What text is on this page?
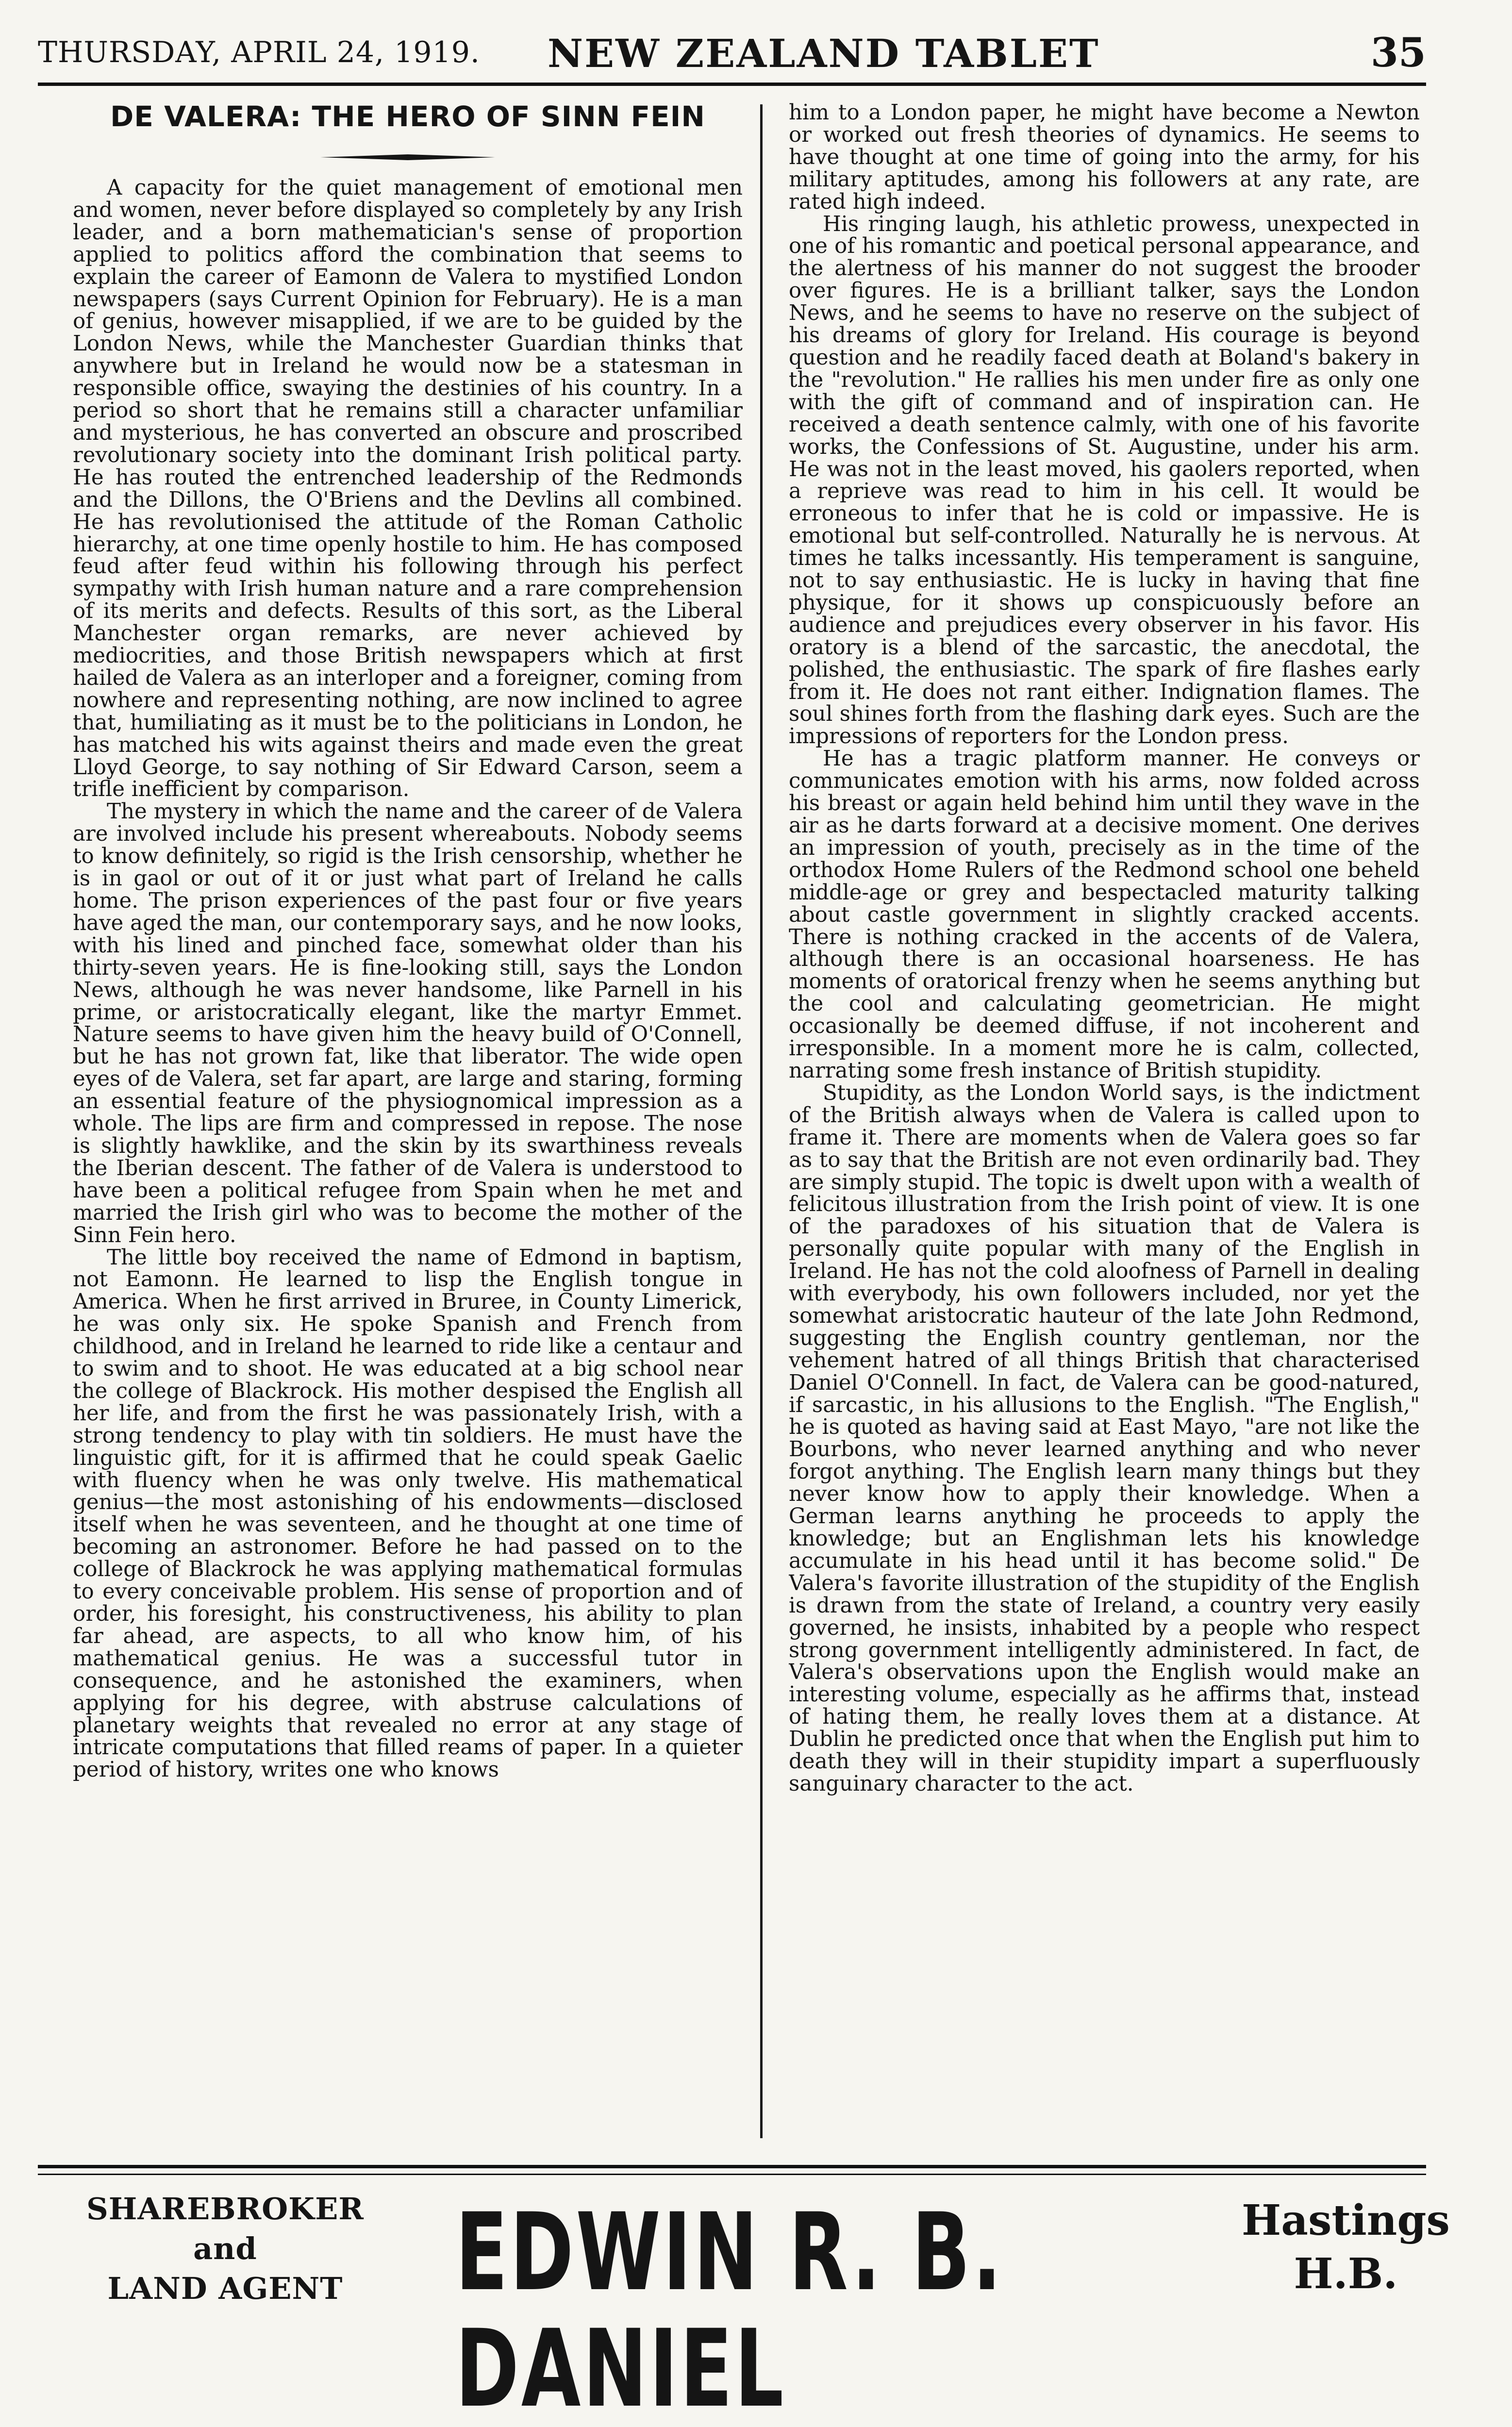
THURSDAY, APRIL 24, 1919. NEW ZEALAND TABLET	35
DE VALERA: THE HERO OF SINN FEIN

A capacity for the quiet management of emotional men and women, never before displayed so completely by any Irish leader, and a born mathematician's sense of proportion applied to politics afford the combination that seems to explain the career of Eamonn de Valera to mystified London newspapers (says Current Opinion for February). He is a man of genius, however misapplied, if we are to be guided by the London News, while the Manchester Guardian thinks that anywhere but in Ireland he would now be a statesman in responsible office, swaying the destinies of his country. In a period so short that he remains still a character unfamiliar and mysterious, he has converted an obscure and proscribed revolutionary society into the dominant Irish political party. He has routed the entrenched leadership of the Redmonds and the Dillons, the O'Briens and the Devlins all combined. He has revolutionised the attitude of the Roman Catholic hierarchy, at one time openly hostile to him. He has composed feud after feud within his following through his perfect sympathy with Irish human nature and a rare comprehension of its merits and defects. Results of this sort, as the Liberal Manchester organ remarks, are never achieved by mediocrities, and those British newspapers which at first hailed de Valera as an interloper and a foreigner, coming from nowhere and representing nothing, are now inclined to agree that, humiliating as it must be to the politicians in London, he has matched his wits against theirs and made even the great Lloyd George, to say nothing of Sir Edward Carson, seem a trifle inefficient by comparison.

The mystery in which the name and the career of de Valera are involved include his present whereabouts. Nobody seems to know definitely, so rigid is the Irish censorship, whether he is in gaol or out of it or just what part of Ireland he calls home. The prison experiences of the past four or five years have aged the man, our contemporary says, and he now looks, with his lined and pinched face, somewhat older than his thirty-seven years. He is fine-looking still, says the London News, although he was never handsome, like Parnell in his prime, or aristocratically elegant, like the martyr Emmet. Nature seems to have given him the heavy build of O'Connell, but he has not grown fat, like that liberator. The wide open eyes of de Valera, set far apart, are large and staring, forming an essential feature of the physiognomical impression as a whole. The lips are firm and compressed in repose. The nose is slightly hawklike, and the skin by its swarthiness reveals the Iberian descent. The father of de Valera is understood to have been a political refugee from Spain when he met and married the Irish girl who was to become the mother of the Sinn Fein hero.

The little boy received the name of Edmond in baptism, not Eamonn. He learned to lisp the English tongue in America. When he first arrived in Bruree, in County Limerick, he was only six. He spoke Spanish and French from childhood, and in Ireland he learned to ride like a centaur and to swim and to shoot. He was educated at a big school near the college of Blackrock. His mother despised the English all her life, and from the first he was passionately Irish, with a strong tendency to play with tin soldiers. He must have the linguistic gift, for it is affirmed that he could speak Gaelic with fluency when he was only twelve. His mathematical genius—the most astonishing of his endowments—disclosed itself when he was seventeen, and he thought at one time of becoming an astronomer. Before he had passed on to the college of Blackrock he was applying mathematical formulas to every conceivable problem. His sense of proportion and of order, his foresight, his constructiveness, his ability to plan far ahead, are aspects, to all who know him, of his mathematical genius. He was a successful tutor in consequence, and he astonished the examiners, when applying for his degree, with abstruse calculations of planetary weights that revealed no error at any stage of intricate computations that filled reams of paper. In a quieter period of history, writes one who knows

him to a London paper, he might have become a Newton or worked out fresh theories of dynamics. He seems to have thought at one time of going into the army, for his military aptitudes, among his followers at any rate, are rated high indeed.

His ringing laugh, his athletic prowess, unexpected in one of his romantic and poetical personal appearance, and the alertness of his manner do not suggest the brooder over figures. He is a brilliant talker, says the London News, and he seems to have no reserve on the subject of his dreams of glory for Ireland. His courage is beyond question and he readily faced death at Boland's bakery in the "revolution." He rallies his men under fire as only one with the gift of command and of inspiration can. He received a death sentence calmly, with one of his favorite works, the Confessions of St. Augustine, under his arm. He was not in the least moved, his gaolers reported, when a reprieve was read to him in his cell. It would be erroneous to infer that he is cold or impassive. He is emotional but self-controlled. Naturally he is nervous. At times he talks incessantly. His temperament is sanguine, not to say enthusiastic. He is lucky in having that fine physique, for it shows up conspicuously before an audience and prejudices every observer in his favor. His oratory is a blend of the sarcastic, the anecdotal, the polished, the enthusiastic. The spark of fire flashes early from it. He does not rant either. Indignation flames. The soul shines forth from the flashing dark eyes. Such are the impressions of reporters for the London press.

He has a tragic platform manner. He conveys or communicates emotion with his arms, now folded across his breast or again held behind him until they wave in the air as he darts forward at a decisive moment. One derives an impression of youth, precisely as in the time of the orthodox Home Rulers of the Redmond school one beheld middle-age or grey and bespectacled maturity talking about castle government in slightly cracked accents. There is nothing cracked in the accents of de Valera, although there is an occasional hoarseness. He has moments of oratorical frenzy when he seems anything but the cool and calculating geometrician. He might occasionally be deemed diffuse, if not incoherent and irresponsible. In a moment more he is calm, collected, narrating some fresh instance of British stupidity.

Stupidity, as the London World says, is the indictment of the British always when de Valera is called upon to frame it. There are moments when de Valera goes so far as to say that the British are not even ordinarily bad. They are simply stupid. The topic is dwelt upon with a wealth of felicitous illustration from the Irish point of view. It is one of the paradoxes of his situation that de Valera is personally quite popular with many of the English in Ireland. He has not the cold aloofness of Parnell in dealing with everybody, his own followers included, nor yet the somewhat aristocratic hauteur of the late John Redmond, suggesting the English country gentleman, nor the vehement hatred of all things British that characterised Daniel O'Connell. In fact, de Valera can be good-natured, if sarcastic, in his allusions to the English. "The English," he is quoted as having said at East Mayo, "are not like the Bourbons, who never learned anything and who never forgot anything. The English learn many things but they never know how to apply their knowledge. When a German learns anything he proceeds to apply the knowledge; but an Englishman lets his knowledge accumulate in his head until it has become solid." De Valera's favorite illustration of the stupidity of the English is drawn from the state of Ireland, a country very easily governed, he insists, inhabited by a people who respect strong government intelligently administered. In fact, de Valera's observations upon the English would make an interesting volume, especially as he affirms that, instead of hating them, he really loves them at a distance. At Dublin he predicted once that when the English put him to death they will in their stupidity impart a superfluously sanguinary character to the act.

SHAREBROKER
and
LAND AGENT EDWIN R. B. DANIEL
Hastings
H.B.
